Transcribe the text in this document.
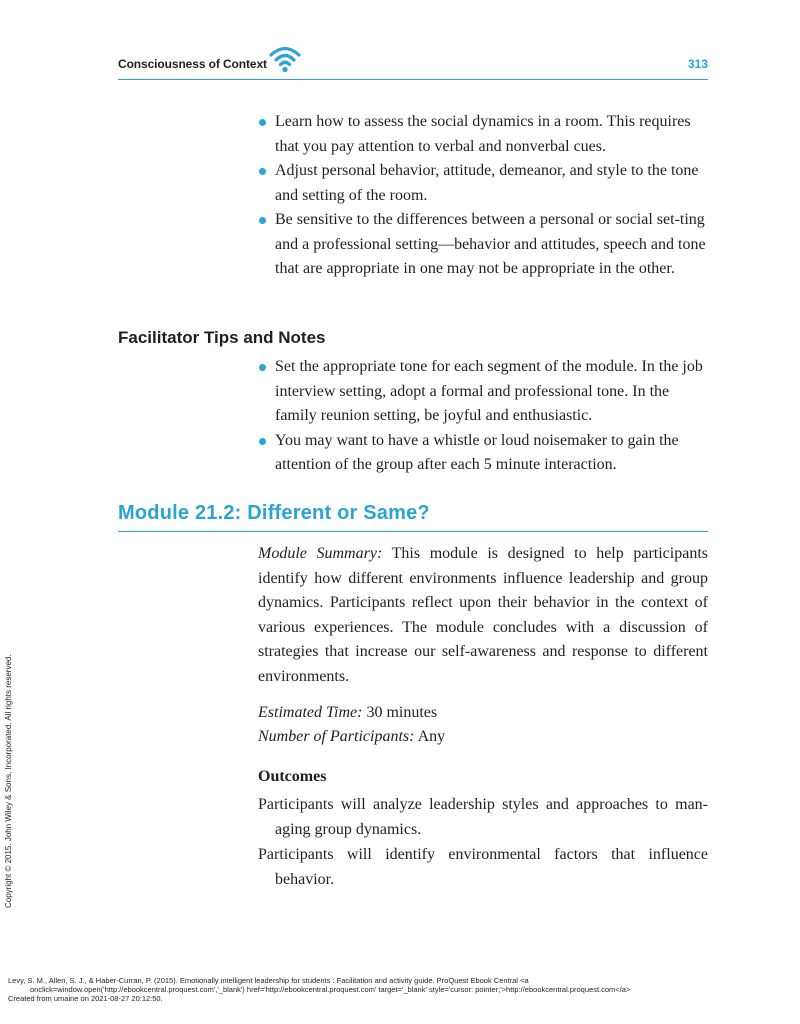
Consciousness of Context	313
Learn how to assess the social dynamics in a room. This requires that you pay attention to verbal and nonverbal cues.
Adjust personal behavior, attitude, demeanor, and style to the tone and setting of the room.
Be sensitive to the differences between a personal or social set-ting and a professional setting—behavior and attitudes, speech and tone that are appropriate in one may not be appropriate in the other.
Facilitator Tips and Notes
Set the appropriate tone for each segment of the module. In the job interview setting, adopt a formal and professional tone. In the family reunion setting, be joyful and enthusiastic.
You may want to have a whistle or loud noisemaker to gain the attention of the group after each 5 minute interaction.
Module 21.2: Different or Same?

Module Summary: This module is designed to help participants identify how different environments influence leadership and group dynamics. Participants reflect upon their behavior in the context of various experiences. The module concludes with a discussion of strategies that increase our self-awareness and response to different environments.

Estimated Time: 30 minutes

Number of Participants: Any

Outcomes

Participants will analyze leadership styles and approaches to man-aging group dynamics.

Participants will identify environmental factors that influence behavior.

Copyright © 2015. John Wiley & Sons, Incorporated. All rights reserved.
Levy, S. M., Allen, S. J., & Haber-Curran, P. (2015). Emotionally intelligent leadership for students : Facilitation and activity guide. ProQuest Ebook Central <a
onclick=window.open('http://ebookcentral.proquest.com','_blank') href='http://ebookcentral.proquest.com' target='_blank' style='cursor: pointer;'>http://ebookcentral.proquest.com</a>
Created from umaine on 2021-08-27 20:12:50.
